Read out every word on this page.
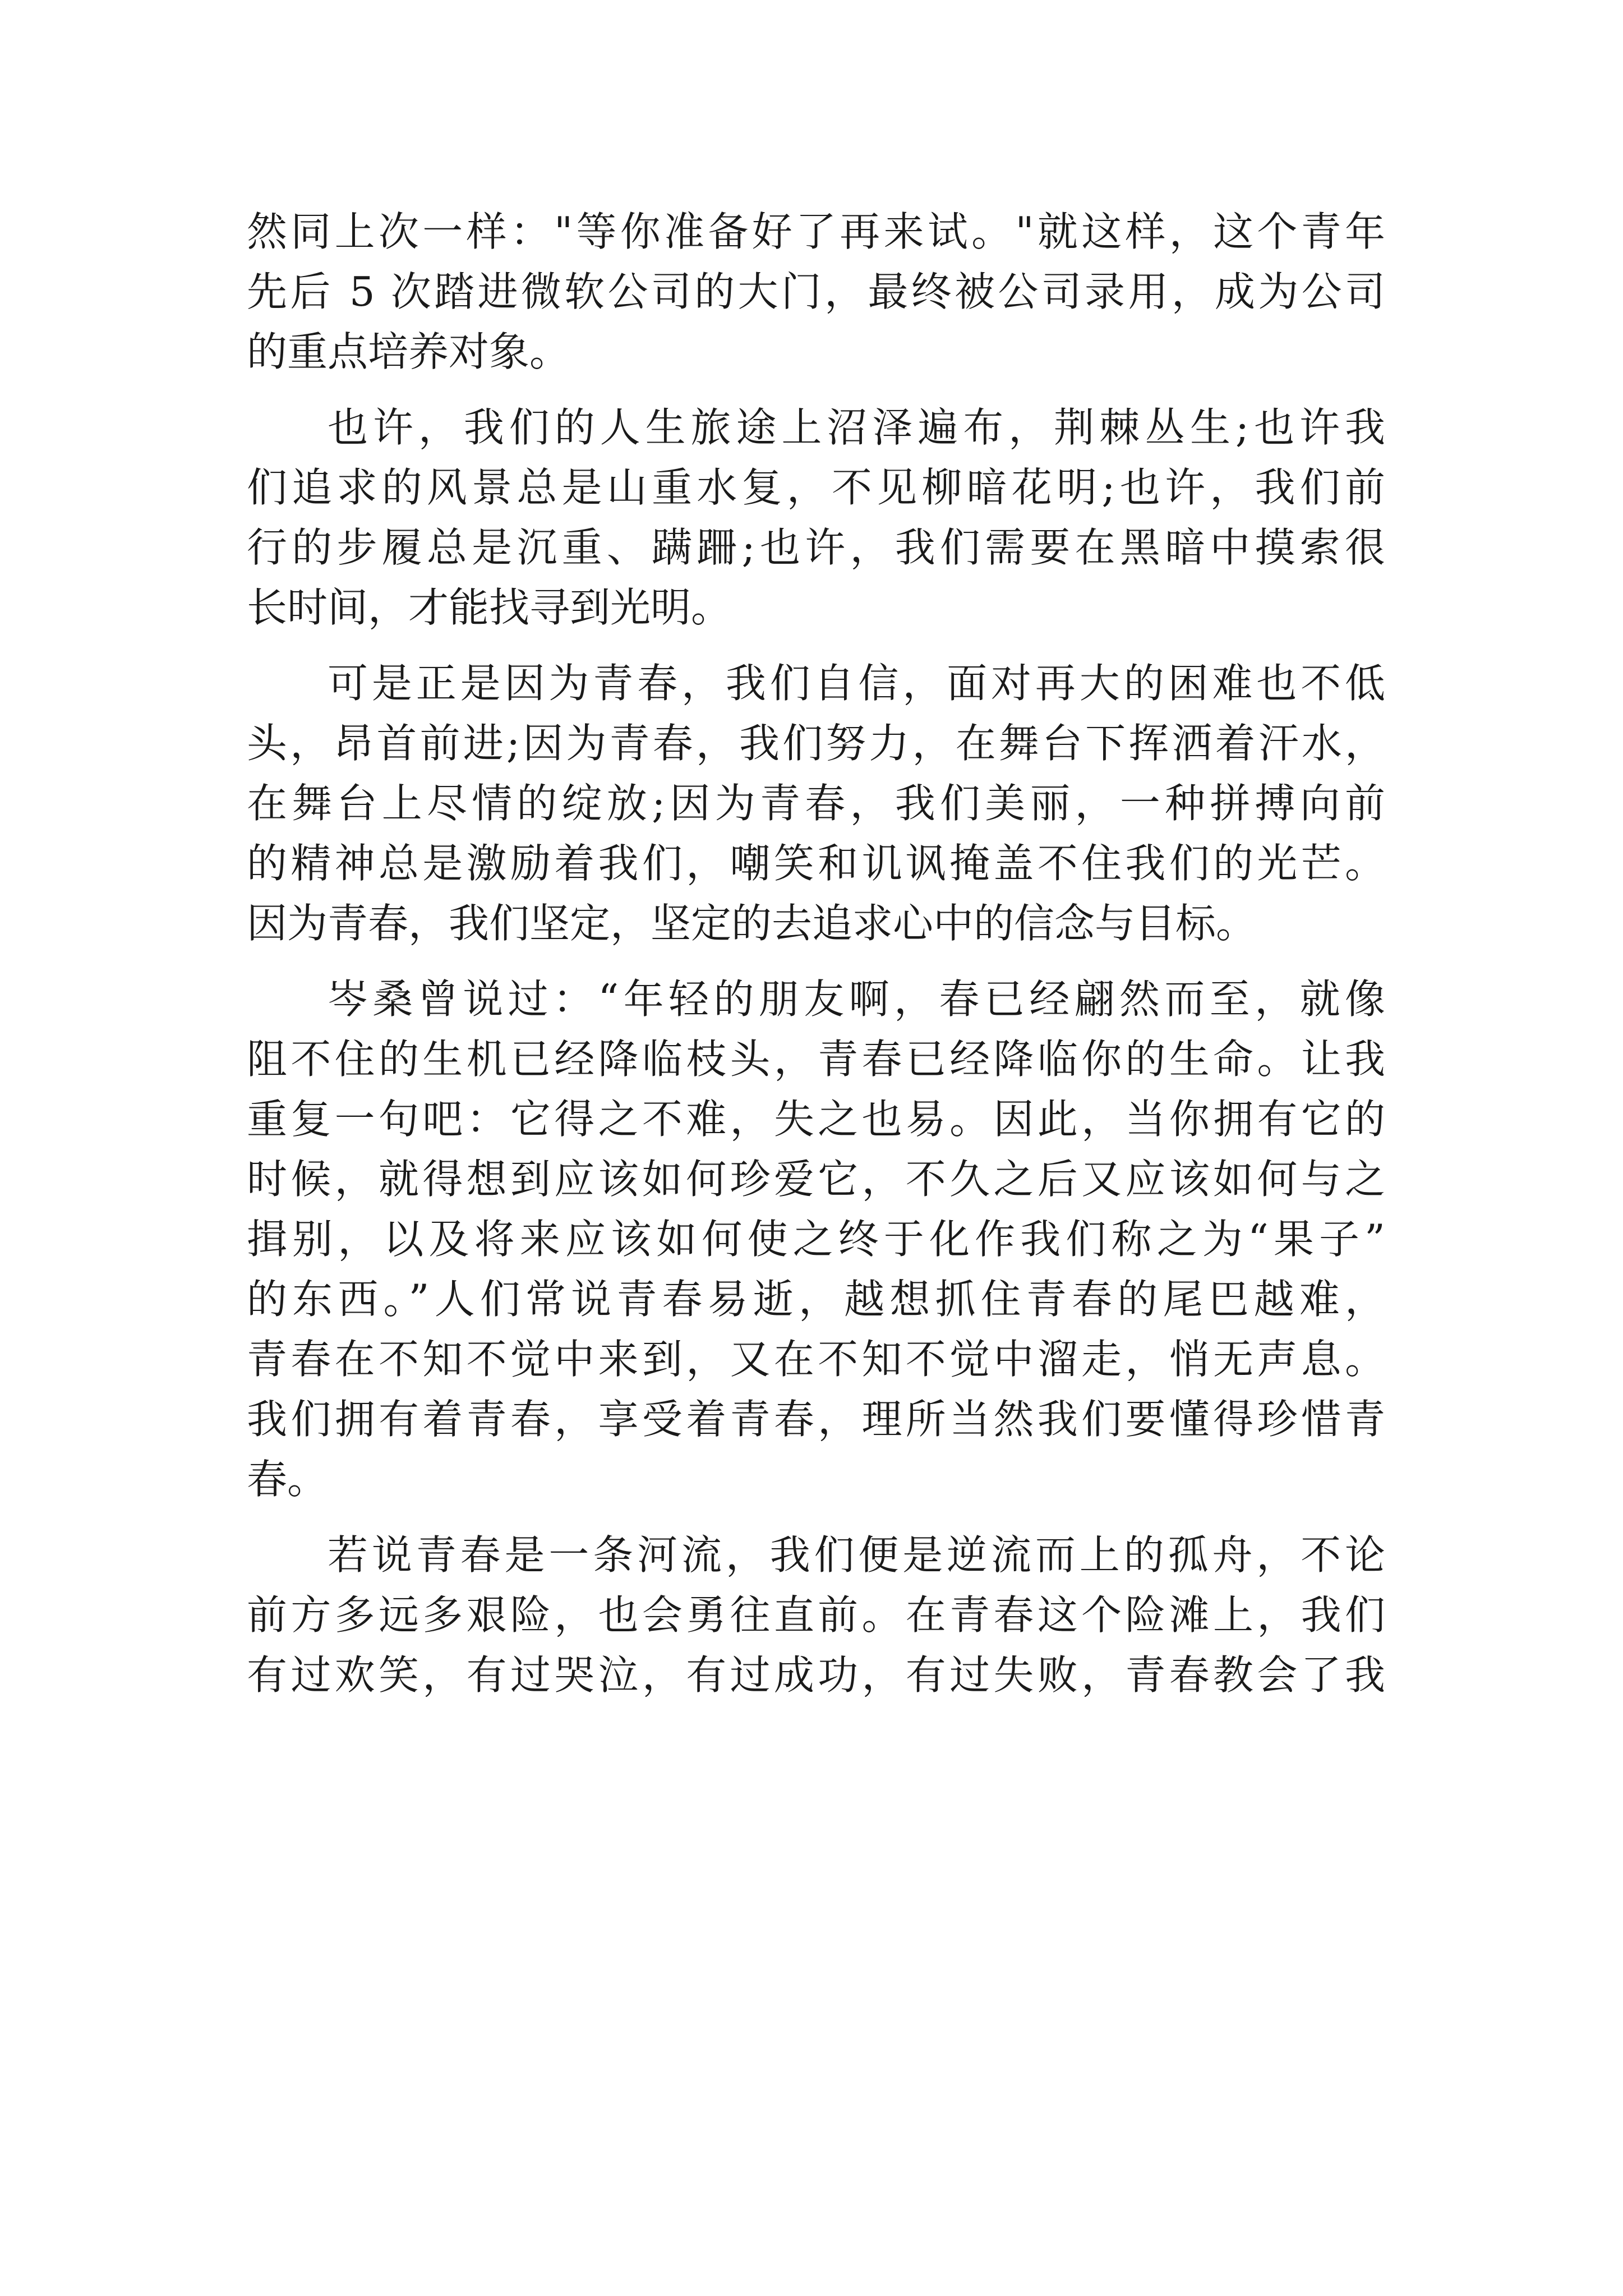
然同上次一样："等你准备好了再来试。"就这样，这个青年
先后 5 次踏进微软公司的大门，最终被公司录用，成为公司
的重点培养对象。
也许，我们的人生旅途上沼泽遍布，荆棘丛生;也许我
们追求的风景总是山重水复，不见柳暗花明;也许，我们前
行的步履总是沉重、蹒跚;也许，我们需要在黑暗中摸索很
长时间，才能找寻到光明。
可是正是因为青春，我们自信，面对再大的困难也不低
头，昂首前进;因为青春，我们努力，在舞台下挥洒着汗水，
在舞台上尽情的绽放;因为青春，我们美丽，一种拼搏向前
的精神总是激励着我们，嘲笑和讥讽掩盖不住我们的光芒。
因为青春，我们坚定，坚定的去追求心中的信念与目标。
岑桑曾说过：“年轻的朋友啊，春已经翩然而至，就像
阻不住的生机已经降临枝头，青春已经降临你的生命。让我
重复一句吧：它得之不难，失之也易。因此，当你拥有它的
时候，就得想到应该如何珍爱它，不久之后又应该如何与之
揖别，以及将来应该如何使之终于化作我们称之为“果子”
的东西。”人们常说青春易逝，越想抓住青春的尾巴越难，
青春在不知不觉中来到，又在不知不觉中溜走，悄无声息。
我们拥有着青春，享受着青春，理所当然我们要懂得珍惜青
春。
若说青春是一条河流，我们便是逆流而上的孤舟，不论
前方多远多艰险，也会勇往直前。在青春这个险滩上，我们
有过欢笑，有过哭泣，有过成功，有过失败，青春教会了我
